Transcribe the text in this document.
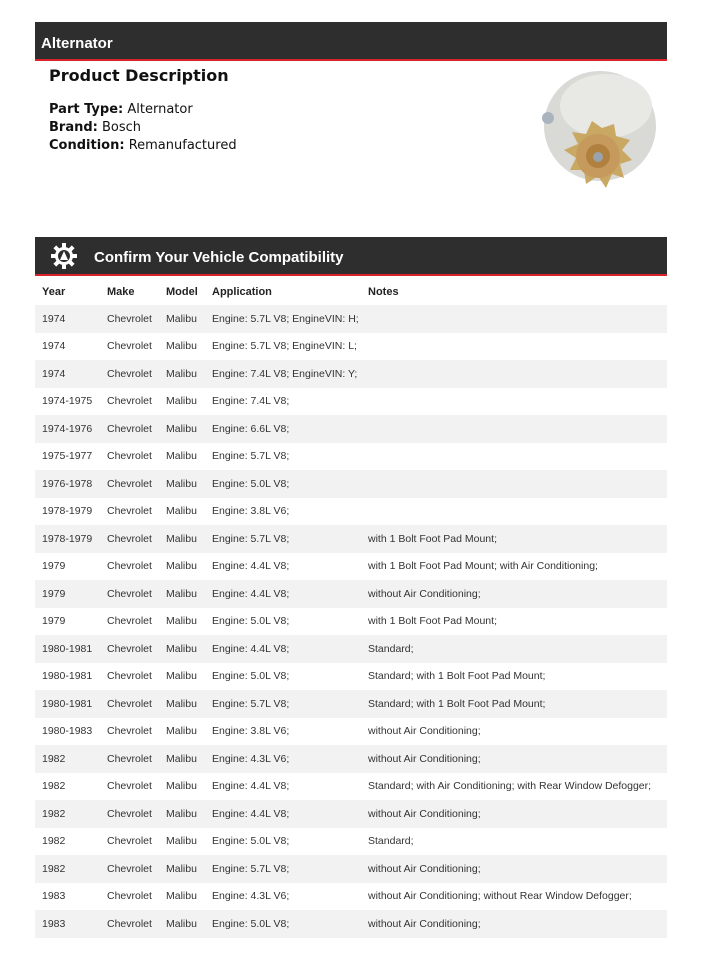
Alternator
Product Description
Part Type: Alternator
Brand: Bosch
Condition: Remanufactured
Confirm Your Vehicle Compatibility
Year	Make	Model	Application	Notes
1974	Chevrolet	Malibu	Engine: 5.7L V8; EngineVIN: H;	
1974	Chevrolet	Malibu	Engine: 5.7L V8; EngineVIN: L;	
1974	Chevrolet	Malibu	Engine: 7.4L V8; EngineVIN: Y;	
1974-1975	Chevrolet	Malibu	Engine: 7.4L V8;	
1974-1976	Chevrolet	Malibu	Engine: 6.6L V8;	
1975-1977	Chevrolet	Malibu	Engine: 5.7L V8;	
1976-1978	Chevrolet	Malibu	Engine: 5.0L V8;	
1978-1979	Chevrolet	Malibu	Engine: 3.8L V6;	
1978-1979	Chevrolet	Malibu	Engine: 5.7L V8;	with 1 Bolt Foot Pad Mount;
1979	Chevrolet	Malibu	Engine: 4.4L V8;	with 1 Bolt Foot Pad Mount; with Air Conditioning;
1979	Chevrolet	Malibu	Engine: 4.4L V8;	without Air Conditioning;
1979	Chevrolet	Malibu	Engine: 5.0L V8;	with 1 Bolt Foot Pad Mount;
1980-1981	Chevrolet	Malibu	Engine: 4.4L V8;	Standard;
1980-1981	Chevrolet	Malibu	Engine: 5.0L V8;	Standard; with 1 Bolt Foot Pad Mount;
1980-1981	Chevrolet	Malibu	Engine: 5.7L V8;	Standard; with 1 Bolt Foot Pad Mount;
1980-1983	Chevrolet	Malibu	Engine: 3.8L V6;	without Air Conditioning;
1982	Chevrolet	Malibu	Engine: 4.3L V6;	without Air Conditioning;
1982	Chevrolet	Malibu	Engine: 4.4L V8;	Standard; with Air Conditioning; with Rear Window Defogger;
1982	Chevrolet	Malibu	Engine: 4.4L V8;	without Air Conditioning;
1982	Chevrolet	Malibu	Engine: 5.0L V8;	Standard;
1982	Chevrolet	Malibu	Engine: 5.7L V8;	without Air Conditioning;
1983	Chevrolet	Malibu	Engine: 4.3L V6;	without Air Conditioning; without Rear Window Defogger;
1983	Chevrolet	Malibu	Engine: 5.0L V8;	without Air Conditioning;
